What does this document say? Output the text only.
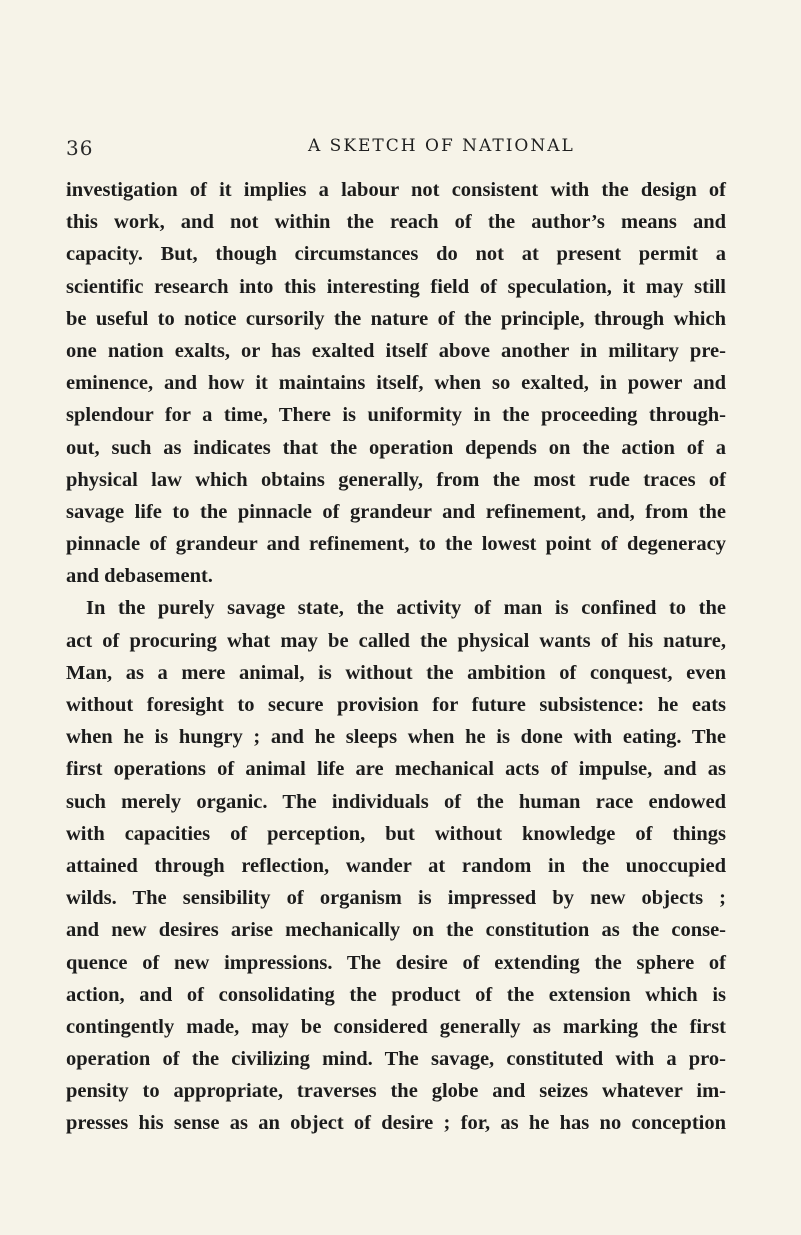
36	A SKETCH OF NATIONAL
investigation of it implies a labour not consistent with the design of
this work, and not within the reach of the author’s means and
capacity. But, though circumstances do not at present permit a
scientific research into this interesting field of speculation, it may still
be useful to notice cursorily the nature of the principle, through which
one nation exalts, or has exalted itself above another in military pre-
eminence, and how it maintains itself, when so exalted, in power and
splendour for a time, There is uniformity in the proceeding through-
out, such as indicates that the operation depends on the action of a
physical law which obtains generally, from the most rude traces of
savage life to the pinnacle of grandeur and refinement, and, from the
pinnacle of grandeur and refinement, to the lowest point of degeneracy
and debasement.
In the purely savage state, the activity of man is confined to the
act of procuring what may be called the physical wants of his nature,
Man, as a mere animal, is without the ambition of conquest, even
without foresight to secure provision for future subsistence: he eats
when he is hungry ; and he sleeps when he is done with eating. The
first operations of animal life are mechanical acts of impulse, and as
such merely organic. The individuals of the human race endowed
with capacities of perception, but without knowledge of things
attained through reflection, wander at random in the unoccupied
wilds. The sensibility of organism is impressed by new objects ;
and new desires arise mechanically on the constitution as the conse-
quence of new impressions. The desire of extending the sphere of
action, and of consolidating the product of the extension which is
contingently made, may be considered generally as marking the first
operation of the civilizing mind. The savage, constituted with a pro-
pensity to appropriate, traverses the globe and seizes whatever im-
presses his sense as an object of desire ; for, as he has no conception
